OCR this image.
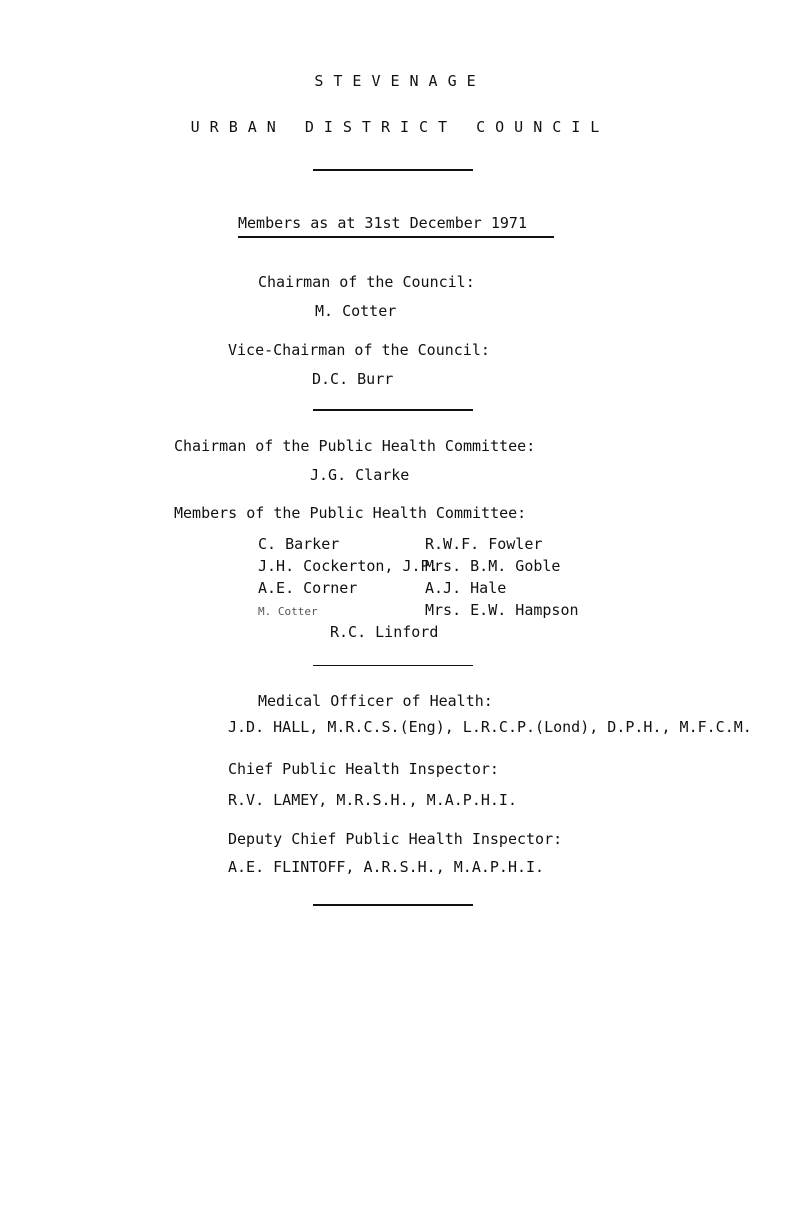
STEVENAGE
URBAN DISTRICT COUNCIL
Members as at 31st December 1971
Chairman of the Council:
M. Cotter
Vice-Chairman of the Council:
D.C. Burr
Chairman of the Public Health Committee:
J.G. Clarke
Members of the Public Health Committee:
C. Barker
J.H. Cockerton, J.P.
A.E. Corner
M. Cotter
R.W.F. Fowler
Mrs. B.M. Goble
A.J. Hale
Mrs. E.W. Hampson
R.C. Linford
Medical Officer of Health:
J.D. HALL, M.R.C.S.(Eng), L.R.C.P.(Lond), D.P.H., M.F.C.M.
Chief Public Health Inspector:
R.V. LAMEY, M.R.S.H., M.A.P.H.I.
Deputy Chief Public Health Inspector:
A.E. FLINTOFF, A.R.S.H., M.A.P.H.I.
